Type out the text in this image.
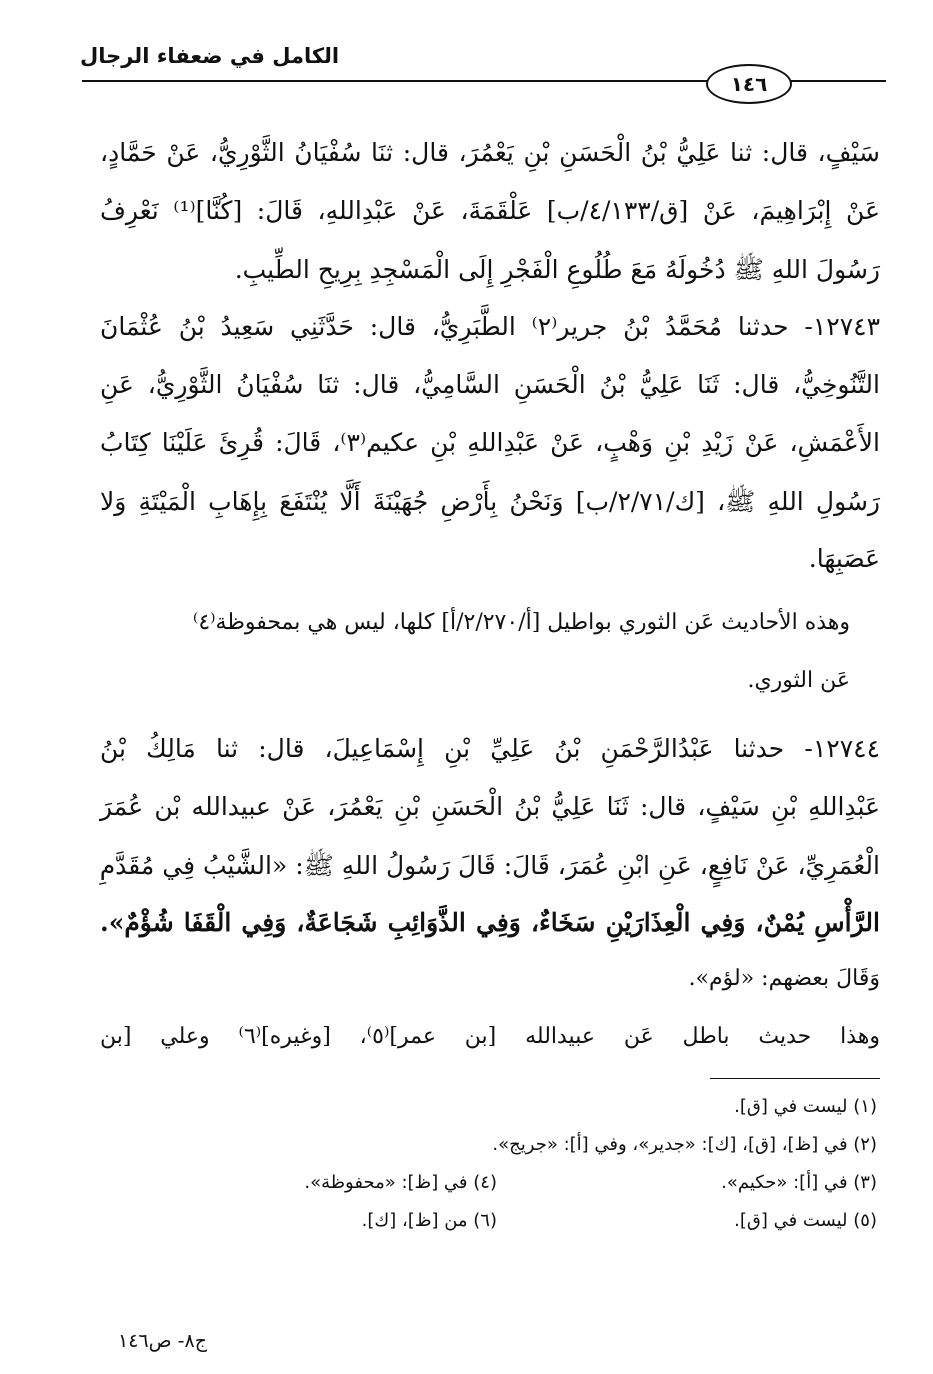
الكامل في ضعفاء الرجال
١٤٦
سَيْفٍ، قال: ثنا عَلِيُّ بْنُ الْحَسَنِ بْنِ يَعْمُرَ، قال: ثنَا سُفْيَانُ الثَّوْرِيُّ، عَنْ حَمَّادٍ،
عَنْ إِبْرَاهِيمَ، عَنْ [ق/٤/١٣٣/ب] عَلْقَمَةَ، عَنْ عَبْدِاللهِ، قَالَ: [كُنَّا]⁽¹⁾ نَعْرِفُ
رَسُولَ اللهِ ﷺ دُخُولَهُ مَعَ طُلُوعِ الْفَجْرِ إِلَى الْمَسْجِدِ بِرِيحِ الطِّيبِ.
١٢٧٤٣- حدثنا مُحَمَّدُ بْنُ جرير⁽٢⁾ الطَّبَرِيُّ، قال: حَدَّثَنِي سَعِيدُ بْنُ عُثْمَانَ
التَّنُوخِيُّ، قال: ثَنَا عَلِيُّ بْنُ الْحَسَنِ السَّامِيُّ، قال: ثنَا سُفْيَانُ الثَّوْرِيُّ، عَنِ
الأَعْمَشِ، عَنْ زَيْدِ بْنِ وَهْبٍ، عَنْ عَبْدِاللهِ بْنِ عكيم⁽٣⁾، قَالَ: قُرِئَ عَلَيْنَا كِتَابُ
رَسُولِ اللهِ ﷺ، [ك/٢/٧١/ب] وَنَحْنُ بِأَرْضِ جُهَيْنَةَ أَلَّا يُنْتَفَعَ بِإِهَابِ الْمَيْتَةِ وَلا
عَصَبِهَا.
وهذه الأحاديث عَن الثوري بواطيل [أ/٢/٢٧٠/أ] كلها، ليس هي بمحفوظة⁽٤⁾
عَن الثوري.
١٢٧٤٤- حدثنا عَبْدُالرَّحْمَنِ بْنُ عَلِيِّ بْنِ إِسْمَاعِيلَ، قال: ثنا مَالِكُ بْنُ
عَبْدِاللهِ بْنِ سَيْفٍ، قال: ثَنَا عَلِيُّ بْنُ الْحَسَنِ بْنِ يَعْمُرَ، عَنْ عبيدالله بْن عُمَرَ
الْعُمَرِيِّ، عَنْ نَافِعٍ، عَنِ ابْنِ عُمَرَ، قَالَ: قَالَ رَسُولُ اللهِ ﷺ: «الشَّيْبُ فِي مُقَدَّمِ
الرَّأْسِ يُمْنٌ، وَفِي الْعِذَارَيْنِ سَخَاءٌ، وَفِي الذَّوَائِبِ شَجَاعَةٌ، وَفِي الْقَفَا شُؤْمٌ».
وَقَالَ بعضهم: «لؤم».
وهذا حديث باطل عَن عبيدالله [بن عمر]⁽٥⁾، [وغيره]⁽٦⁾ وعلي [بن
(١) ليست في [ق].
(٢) في [ظ]، [ق]، [ك]: «جدير»، وفي [أ]: «جريج».
(٣) في [أ]: «حكيم».
(٤) في [ظ]: «محفوظة».
(٥) ليست في [ق].
(٦) من [ظ]، [ك].
ج٨- ص١٤٦
